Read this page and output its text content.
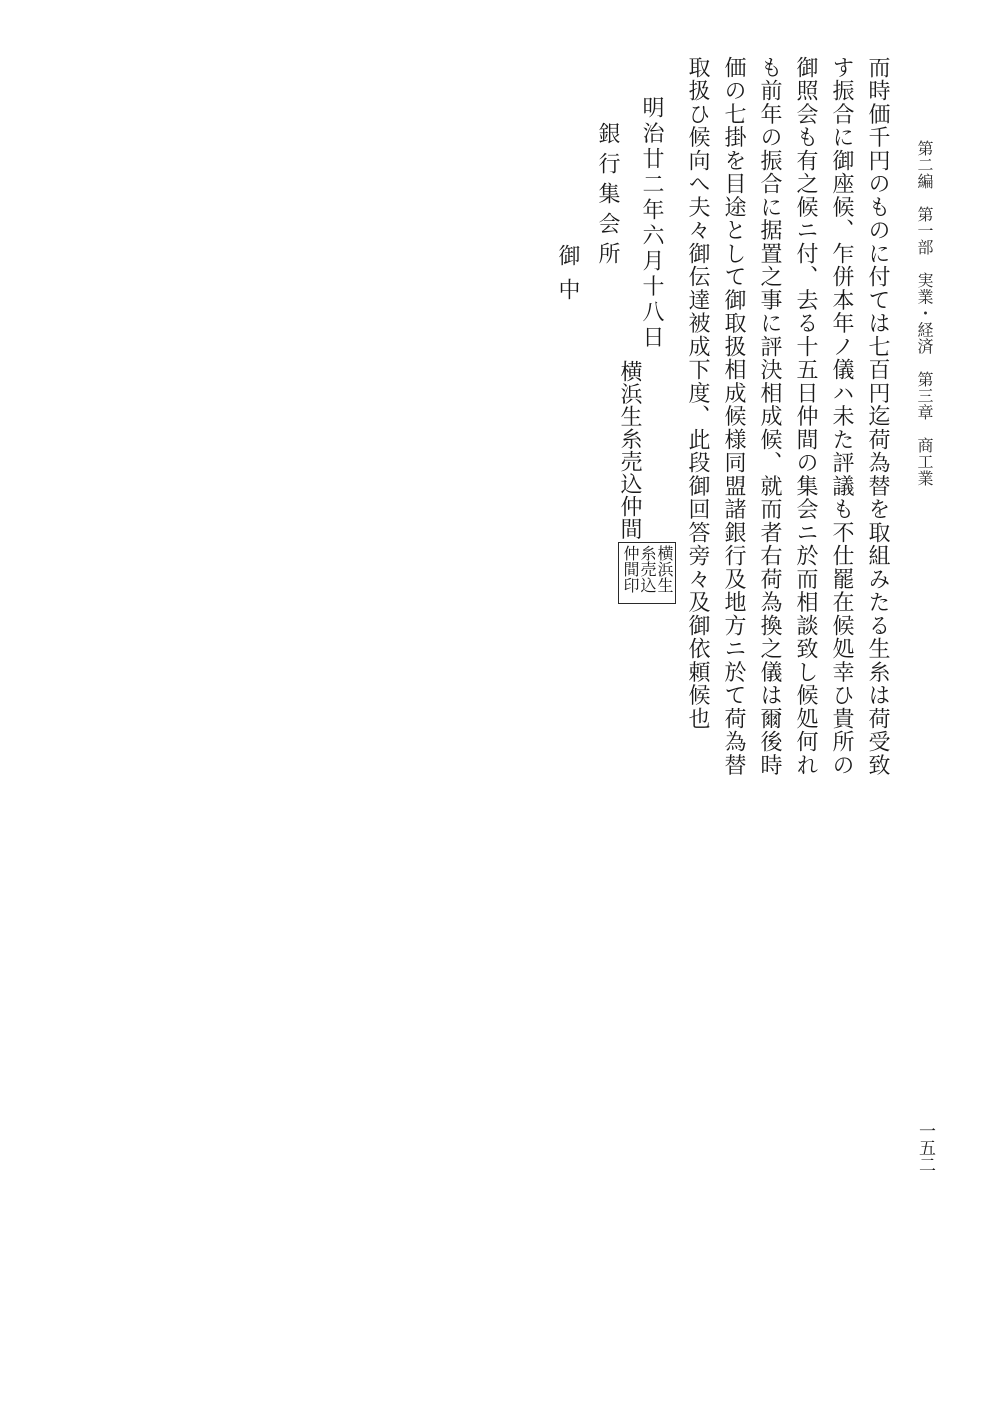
第二編　第一部　実業・経済　第三章　商工業
而時価千円のものに付ては七百円迄荷為替を取組みたる生糸は荷受致
す振合に御座候、乍併本年ノ儀ハ未た評議も不仕罷在候処幸ひ貴所の
御照会も有之候ニ付、去る十五日仲間の集会ニ於而相談致し候処何れ
も前年の振合に据置之事に評決相成候、就而者右荷為換之儀は爾後時
価の七掛を目途として御取扱相成候様同盟諸銀行及地方ニ於て荷為替
取扱ひ候向へ夫々御伝達被成下度、此段御回答旁々及御依頼候也
横浜生糸売込仲間
横浜生
糸売込
仲間印
明治廿二年六月十八日
銀行集会所
御中
一五二
